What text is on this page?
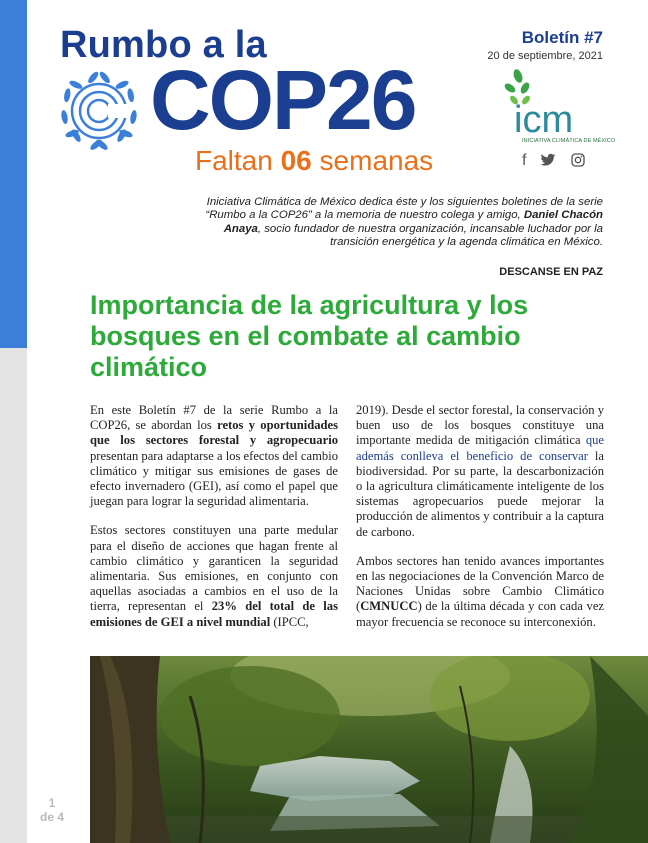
Rumbo a la
COP26
Faltan 06 semanas
Boletín #7
20 de septiembre, 2021
icm
INICIATIVA CLIMÁTICA DE MÉXICO
f
Iniciativa Climática de México dedica éste y los siguientes boletines de la serie “Rumbo a la COP26” a la memoria de nuestro colega y amigo, Daniel Chacón Anaya, socio fundador de nuestra organización, incansable luchador por la transición energética y la agenda climática en México.
DESCANSE EN PAZ
Importancia de la agricultura y los bosques en el combate al cambio climático

En este Boletín #7 de la serie Rumbo a la COP26, se abordan los retos y oportunidades que los sectores forestal y agropecuario presentan para adaptarse a los efectos del cambio climático y mitigar sus emisiones de gases de efecto invernadero (GEI), así como el papel que juegan para lograr la seguridad alimentaria.

Estos sectores constituyen una parte medular para el diseño de acciones que hagan frente al cambio climático y garanticen la seguridad alimentaria. Sus emisiones, en conjunto con aquellas asociadas a cambios en el uso de la tierra, representan el 23% del total de las emisiones de GEI a nivel mundial (IPCC,

2019). Desde el sector forestal, la conservación y buen uso de los bosques constituye una importante medida de mitigación climática que además conlleva el beneficio de conservar la biodiversidad. Por su parte, la descarbonización o la agricultura climáticamente inteligente de los sistemas agropecuarios puede mejorar la producción de alimentos y contribuir a la captura de carbono.

Ambos sectores han tenido avances importantes en las negociaciones de la Convención Marco de Naciones Unidas sobre Cambio Climático (CMNUCC) de la última década y con cada vez mayor frecuencia se reconoce su interconexión.

1
de 4
